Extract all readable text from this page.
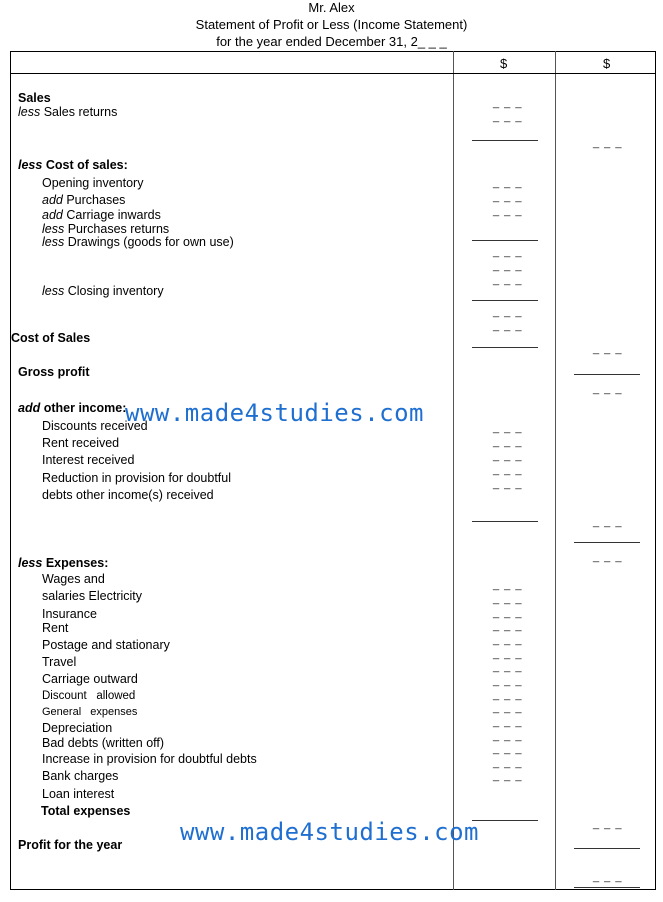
Mr. Alex
Statement of Profit or Less (Income Statement)
for the year ended December 31, 2_ _ _
$	$
Sales
less Sales returns
_ _ _
_ _ _
_ _ _
less Cost of sales:
Opening inventory
add Purchases
add Carriage inwards
less Purchases returns
less Drawings (goods for own use)
_ _ _
_ _ _
_ _ _
_ _ _
_ _ _
_ _ _
less Closing inventory
_ _ _
_ _ _
Cost of Sales
_ _ _
Gross profit
_ _ _
add other income:
Discounts received
Rent received
Interest received
Reduction in provision for doubtful
debts other income(s) received
_ _ _
_ _ _
_ _ _
_ _ _
_ _ _
_ _ _
_ _ _
less Expenses:
Wages and
salaries Electricity
Insurance
Rent
Postage and stationary
Travel
Carriage outward
Discount   allowed
General   expenses
Depreciation
Bad debts (written off)
Increase in provision for doubtful debts
Bank charges
Loan interest
_ _ _
_ _ _
_ _ _
_ _ _
_ _ _
_ _ _
_ _ _
_ _ _
_ _ _
_ _ _
_ _ _
_ _ _
_ _ _
_ _ _
_ _ _
Total expenses
_ _ _
Profit for the year
_ _ _
www.made4studies.com
www.made4studies.com
